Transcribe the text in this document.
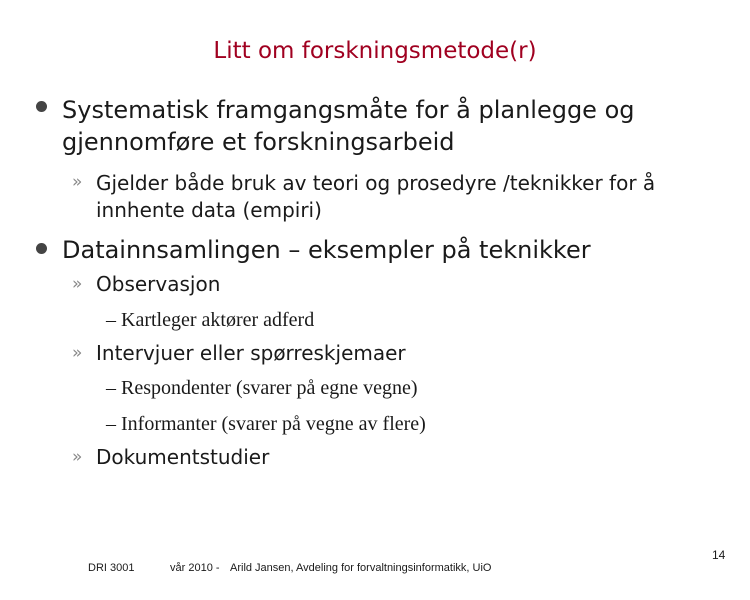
Litt om forskningsmetode(r)
Systematisk framgangsmåte for å planlegge og gjennomføre et forskningsarbeid
» Gjelder både bruk av teori og prosedyre /teknikker for å innhente data (empiri)
Datainnsamlingen – eksempler på teknikker
» Observasjon
– Kartleger aktører adferd
» Intervjuer eller spørreskjemaer
– Respondenter (svarer på egne vegne)
– Informanter (svarer på vegne av flere)
» Dokumentstudier
DRI 3001	vår 2010 - Arild Jansen, Avdeling for forvaltningsinformatikk, UiO
14
